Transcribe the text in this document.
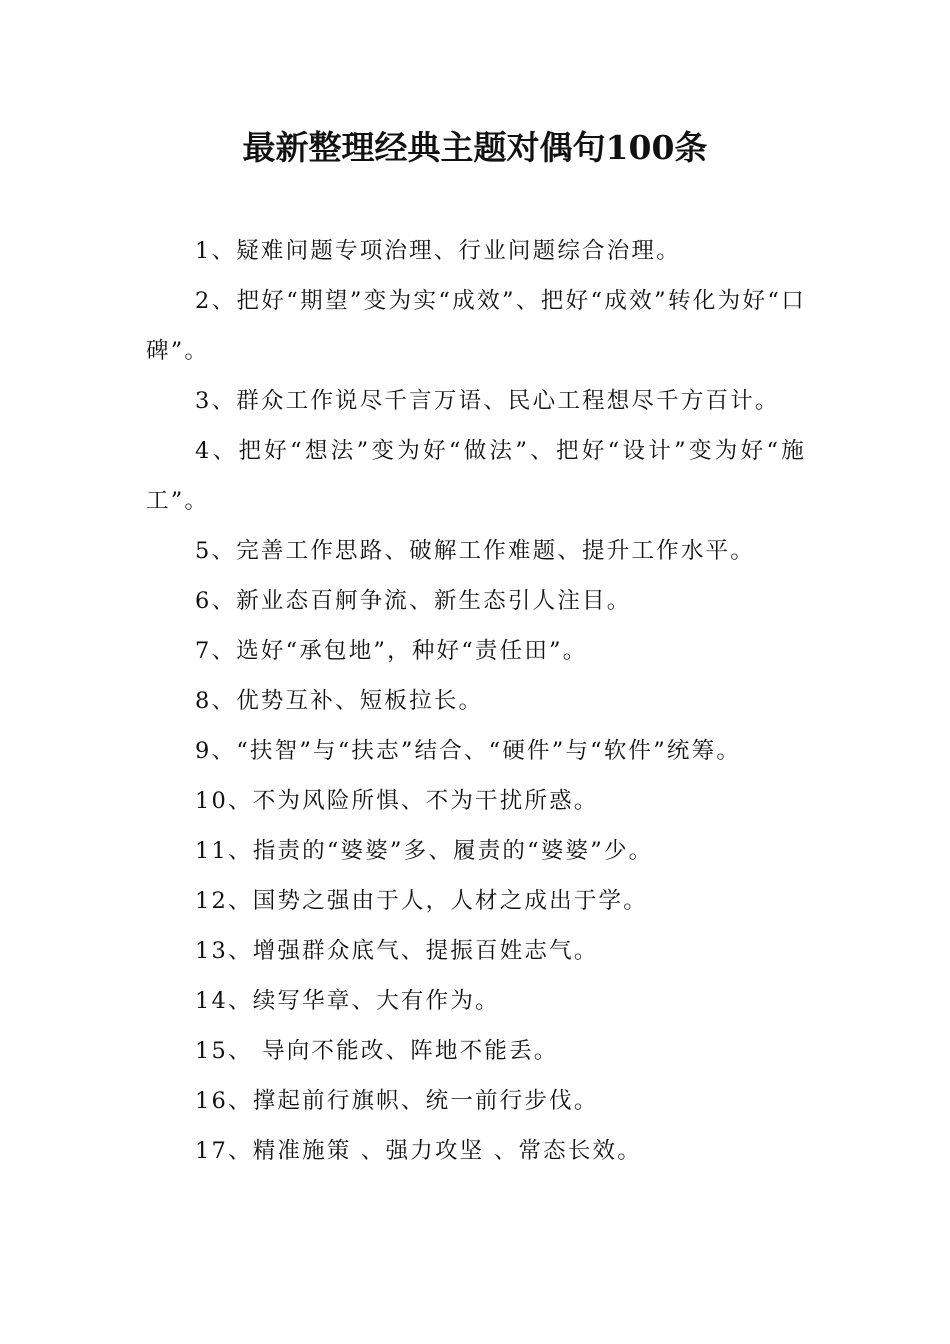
最新整理经典主题对偶句100条

1、疑难问题专项治理、行业问题综合治理。

2、把好“期望”变为实“成效”、把好“成效”转化为好“口碑”。

3、群众工作说尽千言万语、民心工程想尽千方百计。

4、把好“想法”变为好“做法”、把好“设计”变为好“施工”。

5、完善工作思路、破解工作难题、提升工作水平。

6、新业态百舸争流、新生态引人注目。

7、选好“承包地”，种好“责任田”。

8、优势互补、短板拉长。

9、“扶智”与“扶志”结合、“硬件”与“软件”统筹。

10、不为风险所惧、不为干扰所惑。

11、指责的“婆婆”多、履责的“婆婆”少。

12、国势之强由于人，人材之成出于学。

13、增强群众底气、提振百姓志气。

14、续写华章、大有作为。

15、 导向不能改、阵地不能丢。

16、撑起前行旗帜、统一前行步伐。

17、精准施策 、强力攻坚 、常态长效。
